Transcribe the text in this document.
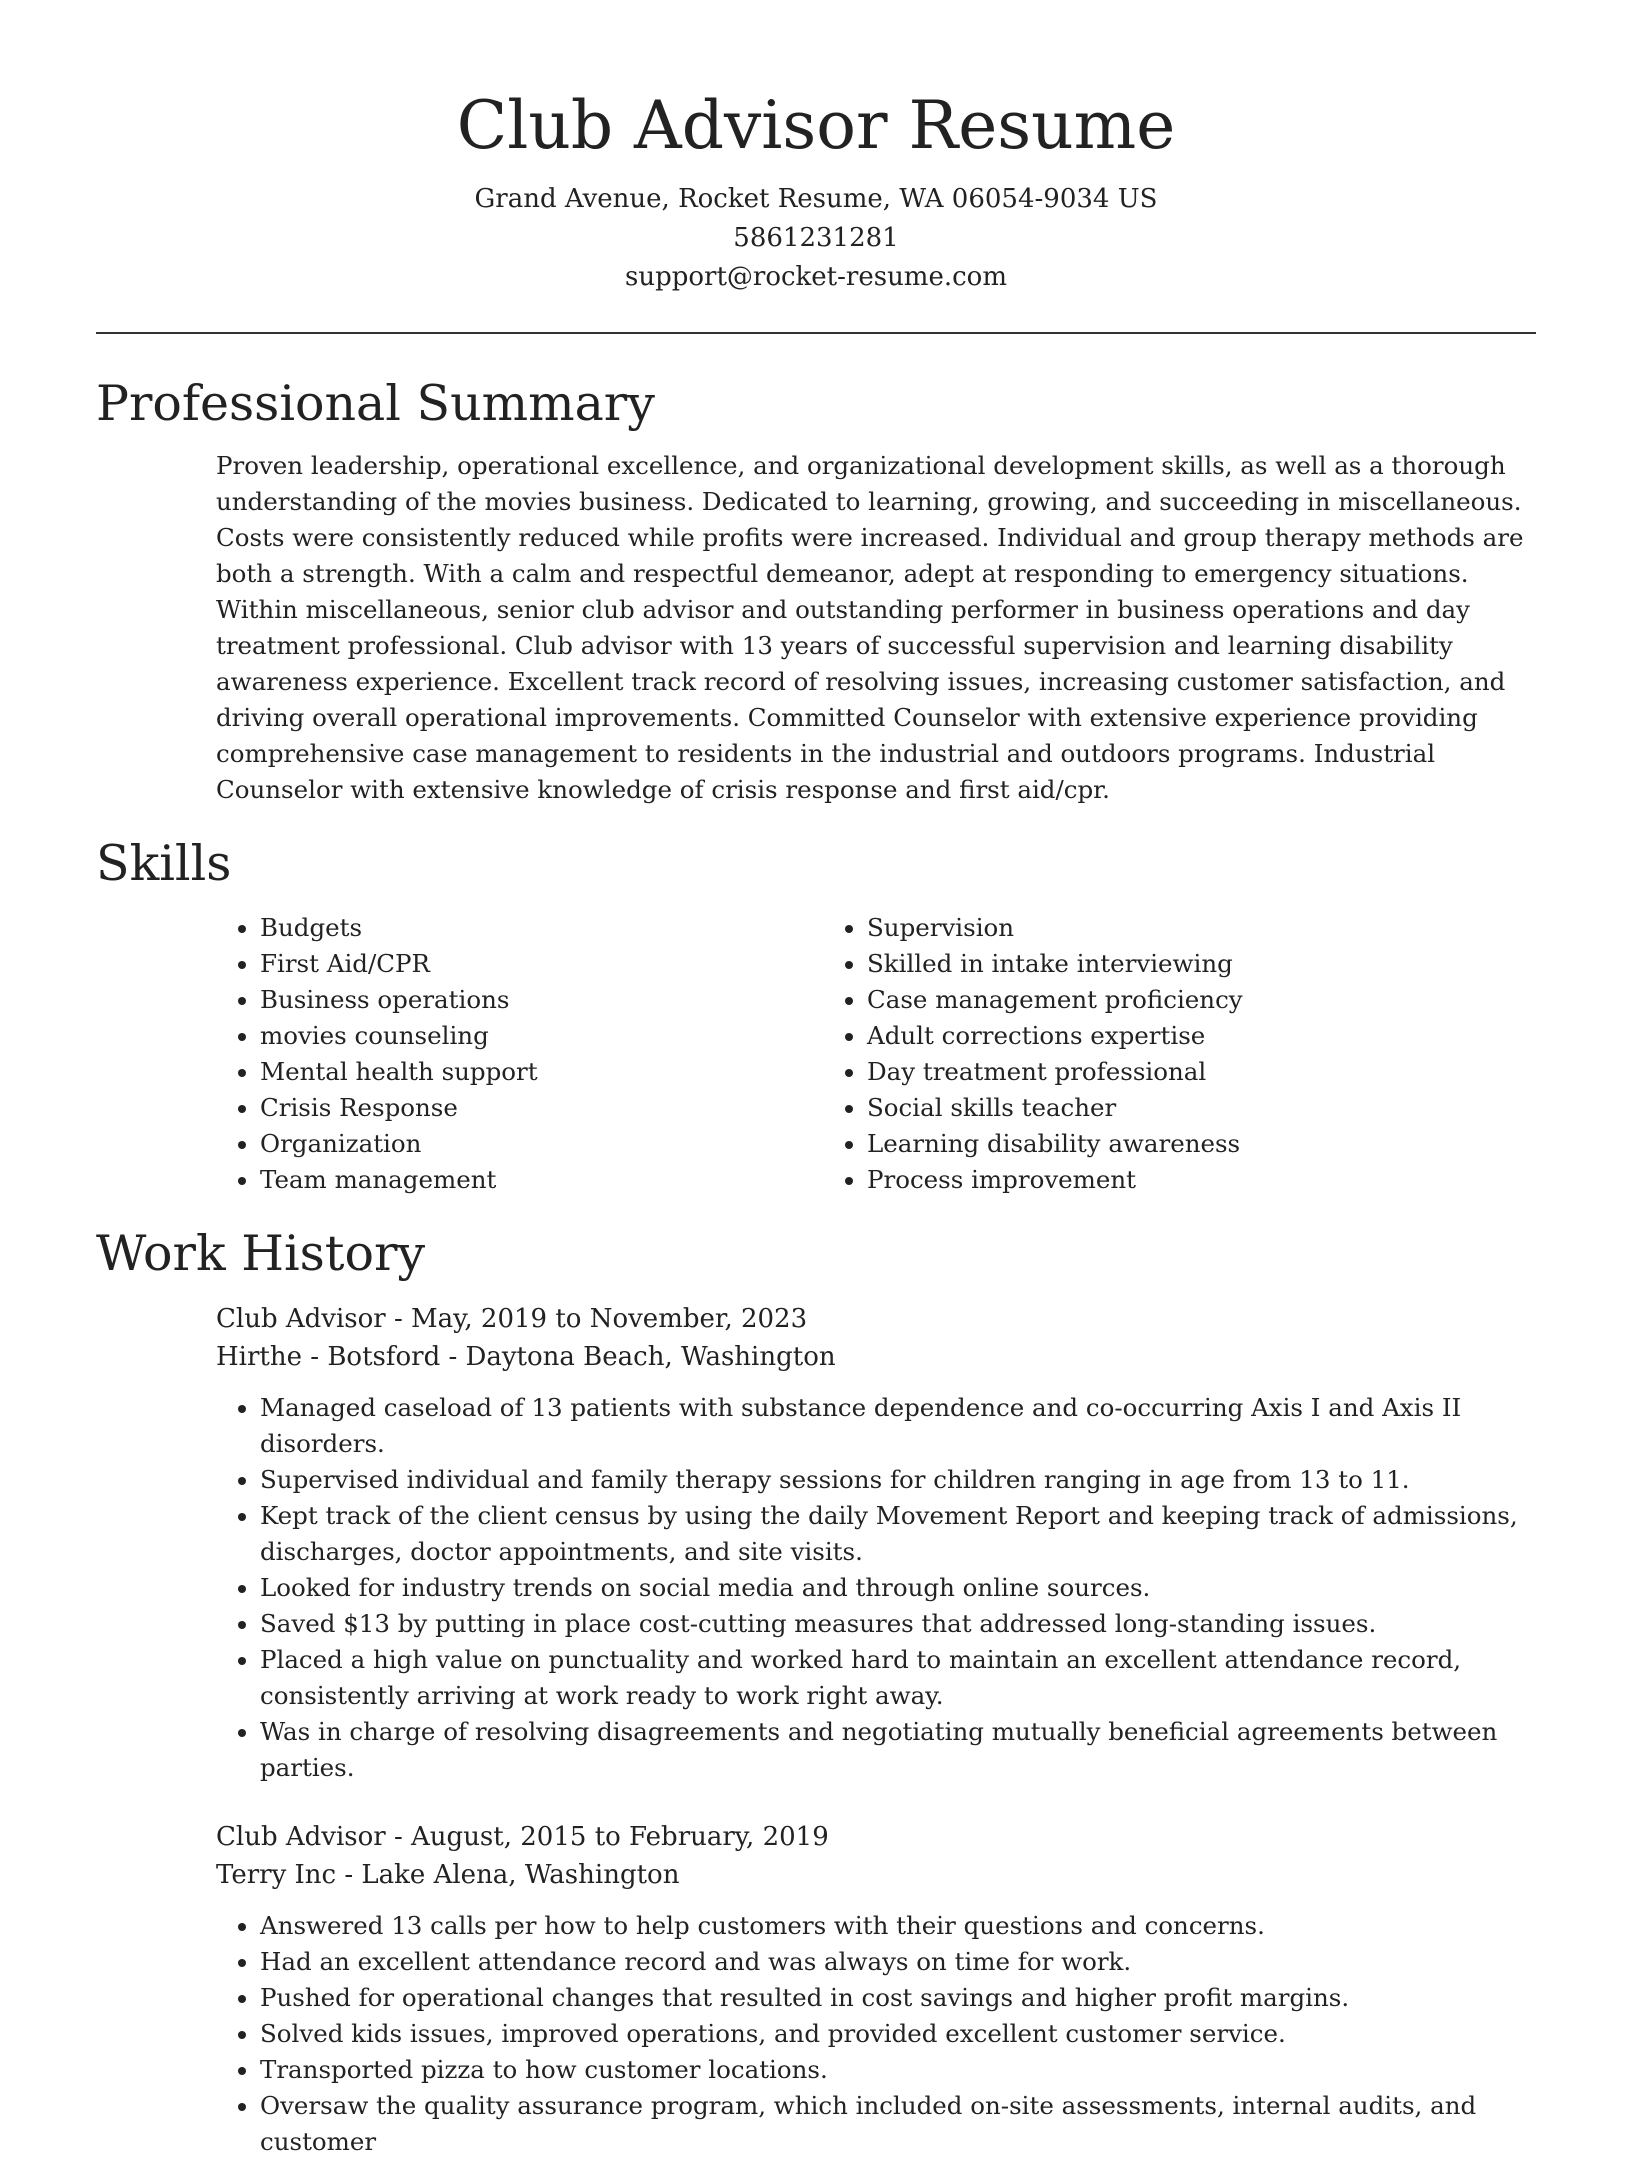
Club Advisor Resume
Grand Avenue, Rocket Resume, WA 06054-9034 US
5861231281
support@rocket-resume.com
Professional Summary

Proven leadership, operational excellence, and organizational development skills, as well as a thorough understanding of the movies business. Dedicated to learning, growing, and succeeding in miscellaneous. Costs were consistently reduced while profits were increased. Individual and group therapy methods are both a strength. With a calm and respectful demeanor, adept at responding to emergency situations. Within miscellaneous, senior club advisor and outstanding performer in business operations and day treatment professional. Club advisor with 13 years of successful supervision and learning disability awareness experience. Excellent track record of resolving issues, increasing customer satisfaction, and driving overall operational improvements. Committed Counselor with extensive experience providing comprehensive case management to residents in the industrial and outdoors programs. Industrial Counselor with extensive knowledge of crisis response and first aid/cpr.

Skills
• Budgets
• First Aid/CPR
• Business operations
• movies counseling
• Mental health support
• Crisis Response
• Organization
• Team management
• Supervision
• Skilled in intake interviewing
• Case management proficiency
• Adult corrections expertise
• Day treatment professional
• Social skills teacher
• Learning disability awareness
• Process improvement
Work History
Club Advisor - May, 2019 to November, 2023
Hirthe - Botsford - Daytona Beach, Washington
• Managed caseload of 13 patients with substance dependence and co-occurring Axis I and Axis II disorders.
• Supervised individual and family therapy sessions for children ranging in age from 13 to 11.
• Kept track of the client census by using the daily Movement Report and keeping track of admissions, discharges, doctor appointments, and site visits.
• Looked for industry trends on social media and through online sources.
• Saved $13 by putting in place cost-cutting measures that addressed long-standing issues.
• Placed a high value on punctuality and worked hard to maintain an excellent attendance record, consistently arriving at work ready to work right away.
• Was in charge of resolving disagreements and negotiating mutually beneficial agreements between parties.
Club Advisor - August, 2015 to February, 2019
Terry Inc - Lake Alena, Washington
• Answered 13 calls per how to help customers with their questions and concerns.
• Had an excellent attendance record and was always on time for work.
• Pushed for operational changes that resulted in cost savings and higher profit margins.
• Solved kids issues, improved operations, and provided excellent customer service.
• Transported pizza to how customer locations.
• Oversaw the quality assurance program, which included on-site assessments, internal audits, and customer
